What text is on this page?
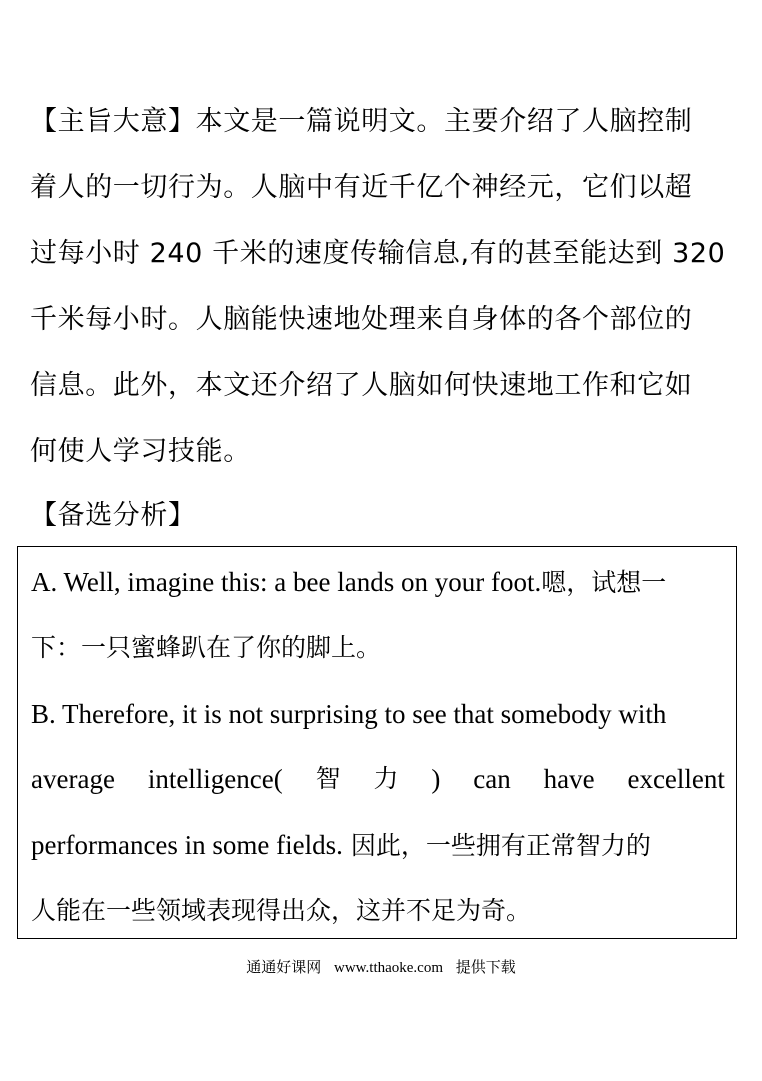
【主旨大意】本文是一篇说明文。主要介绍了人脑控制
着人的一切行为。人脑中有近千亿个神经元，它们以超
过每小时 240 千米的速度传输信息,有的甚至能达到 320
千米每小时。人脑能快速地处理来自身体的各个部位的
信息。此外，本文还介绍了人脑如何快速地工作和它如
何使人学习技能。
【备选分析】
A. Well, imagine this: a bee lands on your foot.嗯，试想一
下：一只蜜蜂趴在了你的脚上。
B. Therefore, it is not surprising to see that somebody with
average intelligence( 智 力 ) can have excellent
performances in some fields. 因此，一些拥有正常智力的
人能在一些领域表现得出众，这并不足为奇。
通通好课网 www.tthaoke.com 提供下载
